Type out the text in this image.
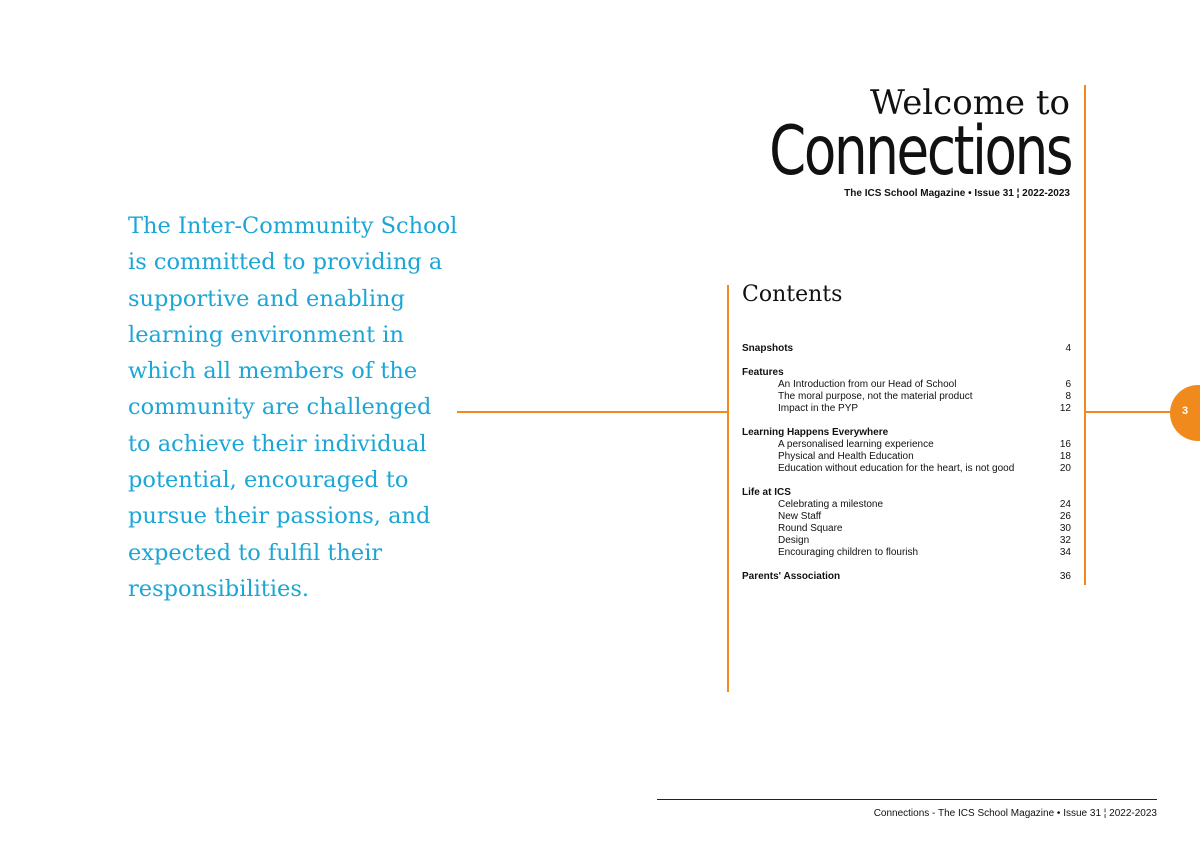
The Inter-Community School is committed to providing a supportive and enabling learning environment in which all members of the community are challenged to achieve their individual potential, encouraged to pursue their passions, and expected to fulfil their responsibilities.

Welcome to
Connections
The ICS School Magazine • Issue 31 ¦ 2022-2023
Contents
Snapshots	4
Features
An Introduction from our Head of School	6
The moral purpose, not the material product	8
Impact in the PYP	12
Learning Happens Everywhere
A personalised learning experience	16
Physical and Health Education	18
Education without education for the heart, is not good	20
Life at ICS
Celebrating a milestone	24
New Staff	26
Round Square	30
Design	32
Encouraging children to flourish	34
Parents' Association	36
3
Connections - The ICS School Magazine • Issue 31 ¦ 2022-2023
